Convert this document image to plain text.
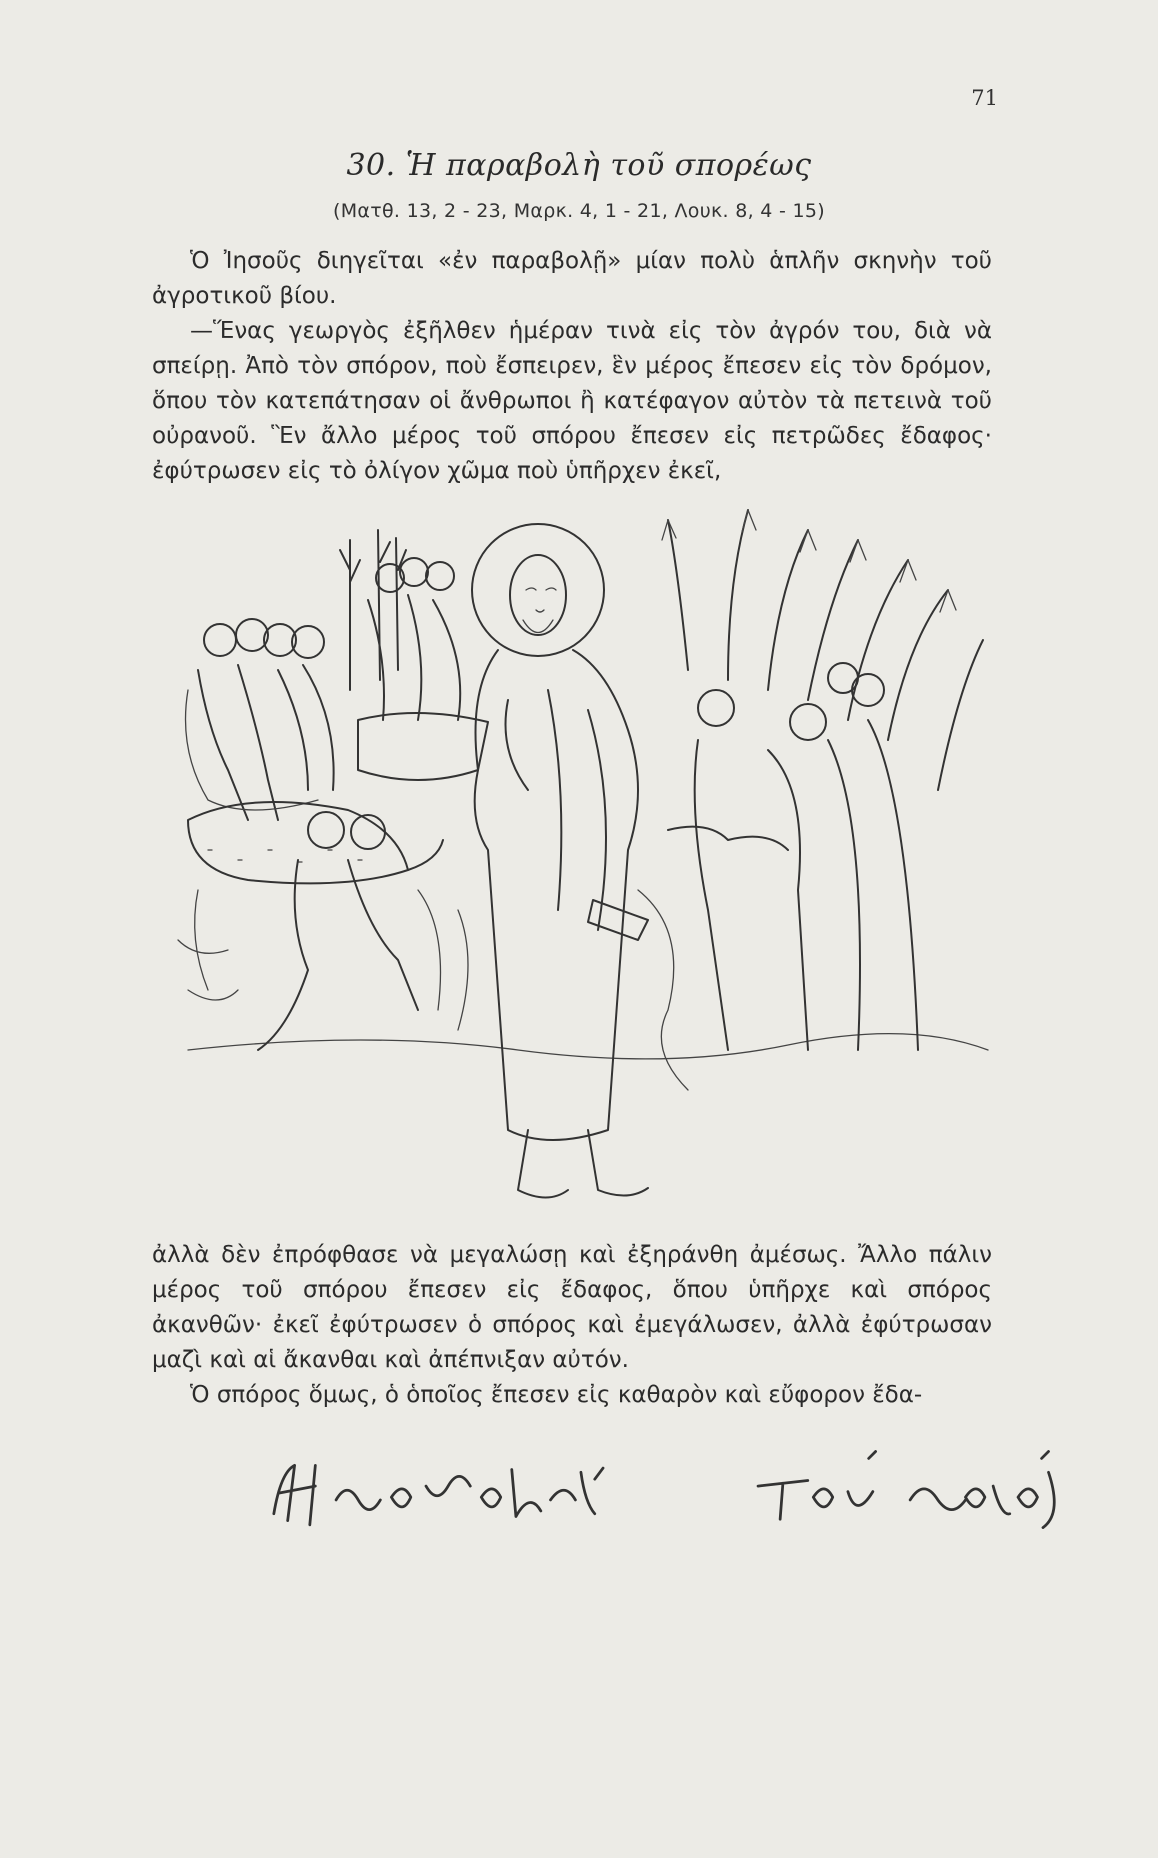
71
30. Ἡ παραβολὴ τοῦ σπορέως
(Ματθ. 13, 2 - 23, Μαρκ. 4, 1 - 21, Λουκ. 8, 4 - 15)

Ὁ Ἰησοῦς διηγεῖται «ἐν παραβολῇ» μίαν πολὺ ἁπλῆν σκηνὴν τοῦ ἀγροτικοῦ βίου.

—Ἕνας γεωργὸς ἐξῆλθεν ἡμέραν τινὰ εἰς τὸν ἀγρόν του, διὰ νὰ σπείρῃ. Ἀπὸ τὸν σπόρον, ποὺ ἔσπειρεν, ἓν μέρος ἔπεσεν εἰς τὸν δρόμον, ὅπου τὸν κατεπάτησαν οἱ ἄνθρωποι ἢ κατέφαγον αὐτὸν τὰ πετεινὰ τοῦ οὐρανοῦ. Ἓν ἄλλο μέρος τοῦ σπόρου ἔπεσεν εἰς πετρῶδες ἔδαφος· ἐφύτρωσεν εἰς τὸ ὀλίγον χῶμα ποὺ ὑπῆρχεν ἐκεῖ,

ἀλλὰ δὲν ἐπρόφθασε νὰ μεγαλώσῃ καὶ ἐξηράνθη ἀμέσως. Ἄλλο πάλιν μέρος τοῦ σπόρου ἔπεσεν εἰς ἔδαφος, ὅπου ὑπῆρχε καὶ σπόρος ἀκανθῶν· ἐκεῖ ἐφύτρωσεν ὁ σπόρος καὶ ἐμεγάλωσεν, ἀλλὰ ἐφύτρωσαν μαζὶ καὶ αἱ ἄκανθαι καὶ ἀπέπνιξαν αὐτόν.

Ὁ σπόρος ὅμως, ὁ ὁποῖος ἔπεσεν εἰς καθαρὸν καὶ εὔφορον ἔδα-
